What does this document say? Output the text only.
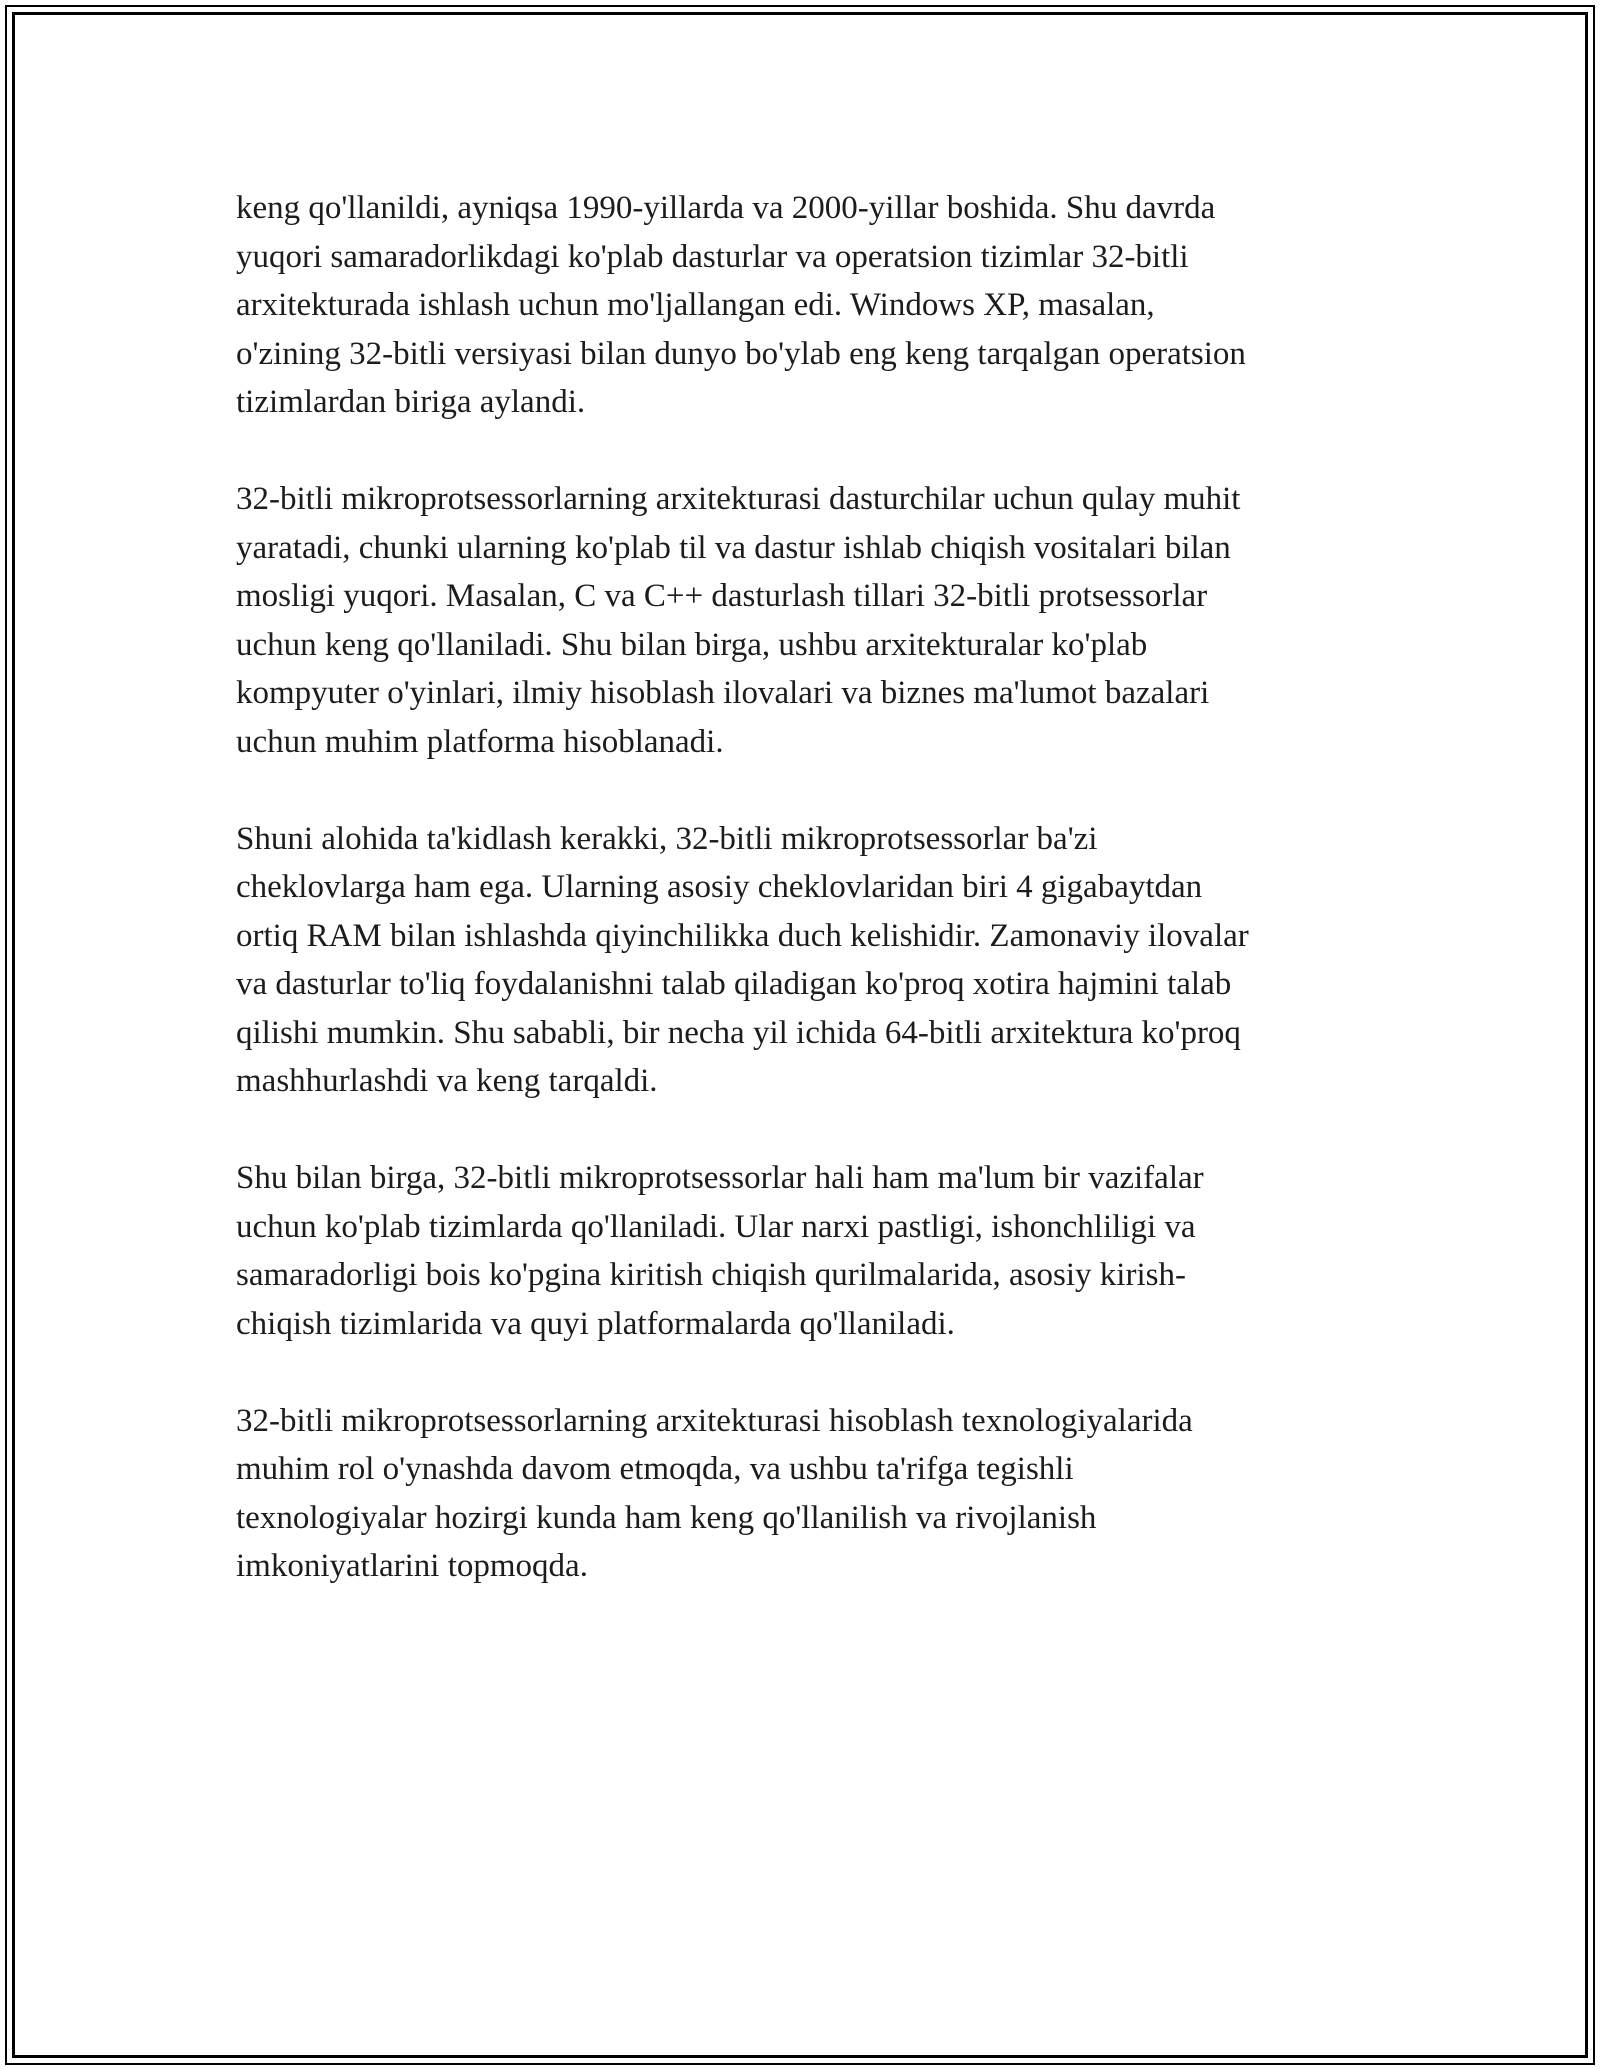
keng qo'llanildi, ayniqsa 1990-yillarda va 2000-yillar boshida. Shu davrda
yuqori samaradorlikdagi ko'plab dasturlar va operatsion tizimlar 32-bitli
arxitekturada ishlash uchun mo'ljallangan edi. Windows XP, masalan,
o'zining 32-bitli versiyasi bilan dunyo bo'ylab eng keng tarqalgan operatsion
tizimlardan biriga aylandi.

32-bitli mikroprotsessorlarning arxitekturasi dasturchilar uchun qulay muhit
yaratadi, chunki ularning ko'plab til va dastur ishlab chiqish vositalari bilan
mosligi yuqori. Masalan, C va C++ dasturlash tillari 32-bitli protsessorlar
uchun keng qo'llaniladi. Shu bilan birga, ushbu arxitekturalar ko'plab
kompyuter o'yinlari, ilmiy hisoblash ilovalari va biznes ma'lumot bazalari
uchun muhim platforma hisoblanadi.

Shuni alohida ta'kidlash kerakki, 32-bitli mikroprotsessorlar ba'zi
cheklovlarga ham ega. Ularning asosiy cheklovlaridan biri 4 gigabaytdan
ortiq RAM bilan ishlashda qiyinchilikka duch kelishidir. Zamonaviy ilovalar
va dasturlar to'liq foydalanishni talab qiladigan ko'proq xotira hajmini talab
qilishi mumkin. Shu sababli, bir necha yil ichida 64-bitli arxitektura ko'proq
mashhurlashdi va keng tarqaldi.

Shu bilan birga, 32-bitli mikroprotsessorlar hali ham ma'lum bir vazifalar
uchun ko'plab tizimlarda qo'llaniladi. Ular narxi pastligi, ishonchliligi va
samaradorligi bois ko'pgina kiritish chiqish qurilmalarida, asosiy kirish-
chiqish tizimlarida va quyi platformalarda qo'llaniladi.

32-bitli mikroprotsessorlarning arxitekturasi hisoblash texnologiyalarida
muhim rol o'ynashda davom etmoqda, va ushbu ta'rifga tegishli
texnologiyalar hozirgi kunda ham keng qo'llanilish va rivojlanish
imkoniyatlarini topmoqda.
